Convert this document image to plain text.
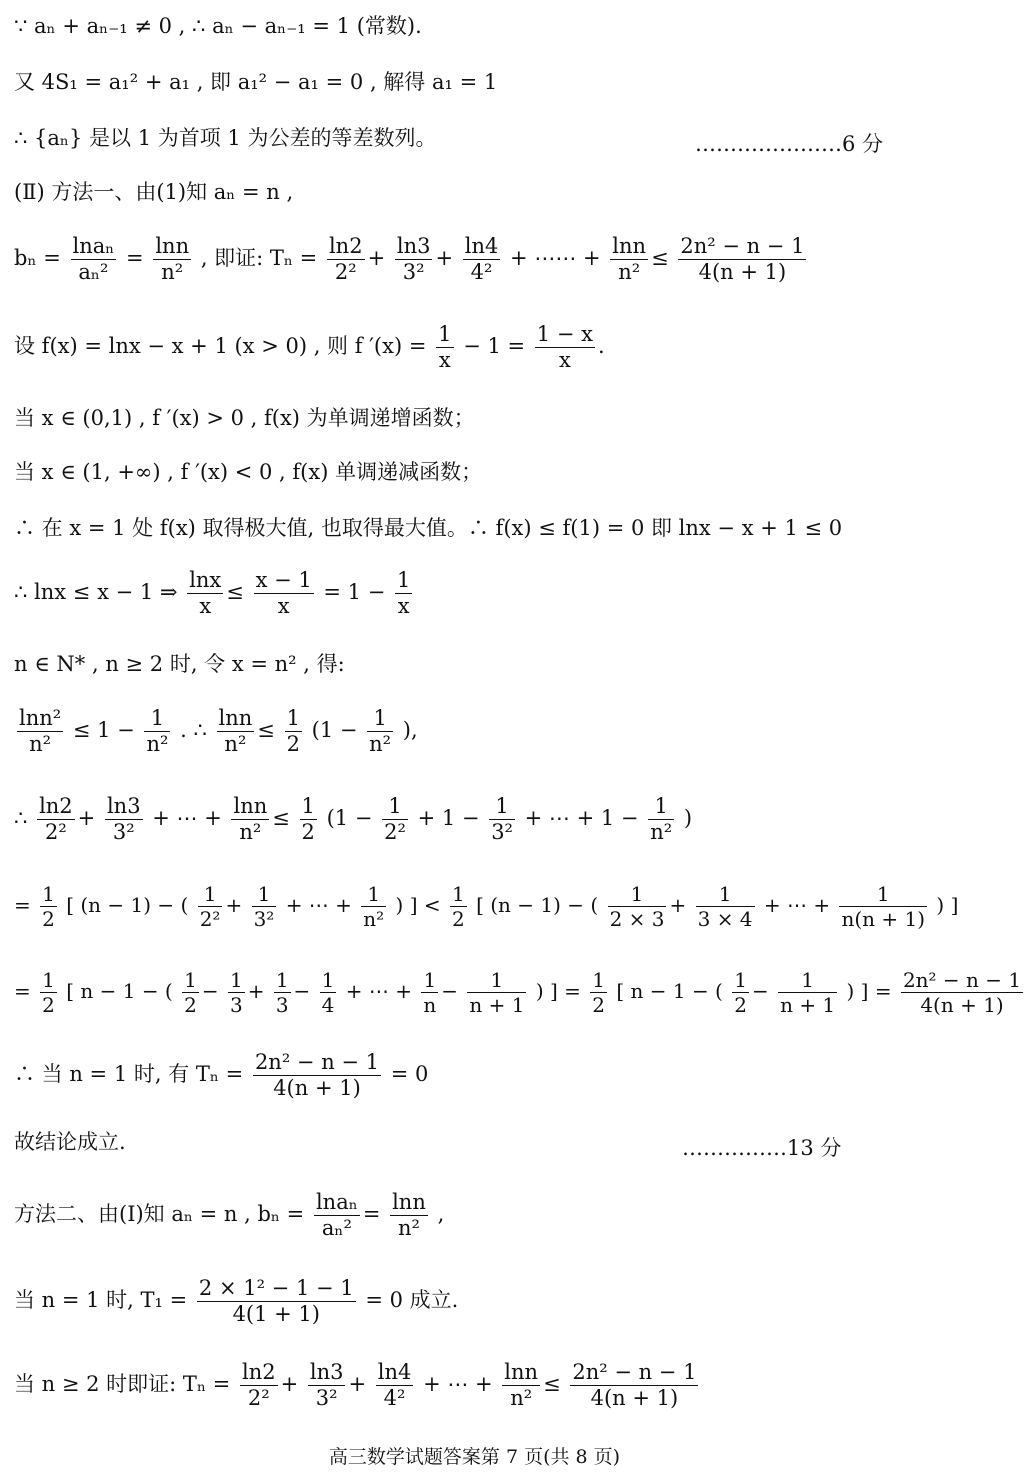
∵ aₙ + aₙ₋₁ ≠ 0 , ∴ aₙ − aₙ₋₁ = 1 (常数).
又 4S₁ = a₁² + a₁ , 即 a₁² − a₁ = 0 , 解得 a₁ = 1
∴ {aₙ} 是以 1 为首项 1 为公差的等差数列。	…………………6 分
(Ⅱ) 方法一、由(1)知 aₙ = n ,
$b_n = \frac{\text{lnaₙ}}{\text{aₙ²}} = \frac{\ln n}{\text{n²}}$ , 即证: $T_n = \frac{\ln 2}{\text{2²}} + \frac{\ln 3}{\text{3²}} + \frac{\ln 4}{\text{4²}}$ + ⋯⋯ + $\frac{\ln n}{\text{n²}} \le \frac{\text{2n² − n − 1}}{4(n + 1)}$
设 f(x) = lnx − x + 1 (x > 0) , 则 f $'(x) = \frac{1}{x} - 1 = \frac{1 - x}{x}$ .
当 x ∈ (0,1) , f ′(x) > 0 , f(x) 为单调递增函数；
当 x ∈ (1, +∞) , f ′(x) < 0 , f(x) 单调递减函数；
∴ 在 x = 1 处 f(x) 取得极大值, 也取得最大值。∴ f(x) ≤ f(1) = 0 即 lnx − x + 1 ≤ 0
∴ lnx ≤ x − 1 ⇒ $\frac{\ln x}{x} \le \frac{x - 1}{x} = 1 - \frac{1}{x}$
n ∈ N* , n ≥ 2 时, 令 x = n² , 得:
$\frac{\text{lnn²}}{\text{n²}} \le 1 - \frac{1}{\text{n²}}$ . ∴ $\frac{\ln n}{\text{n²}} \le \frac{1}{2} (1 - \frac{1}{\text{n²}}$ ),
∴ $\frac{\ln 2}{\text{2²}} + \frac{\ln 3}{\text{3²}}$ + ⋯ + $\frac{\ln n}{\text{n²}} \le \frac{1}{2} (1 - \frac{1}{\text{2²}} + 1 - \frac{1}{\text{3²}}$ + ⋯ + $1 - \frac{1}{\text{n²}}$ )
= $\frac{1}{2}$ [ (n − 1) − ( $\frac{1}{\text{2²}} + \frac{1}{\text{3²}}$ + ⋯ + $\frac{1}{\text{n²}}$ ) ] < $\frac{1}{2}$ [ (n − 1) − ( $\frac{1}{2 \times 3} + \frac{1}{3 \times 4}$ + ⋯ + $\frac{1}{n(n + 1)}$ ) ]
= $\frac{1}{2}$ [ n − 1 − ( $\frac{1}{2} - \frac{1}{3} + \frac{1}{3} - \frac{1}{4}$ + ⋯ + $\frac{1}{n} - \frac{1}{n + 1}$ ) ] = $\frac{1}{2}$ [ n − 1 − ( $\frac{1}{2} - \frac{1}{n + 1}$ ) ] = $\frac{\text{2n² − n − 1}}{4(n + 1)}$
∴ 当 n = 1 时, 有 $T_n = \frac{\text{2n² − n − 1}}{4(n + 1)} = 0$
故结论成立.	……………13 分
方法二、由(Ⅰ)知 aₙ = n , $b_n = \frac{\text{lnaₙ}}{\text{aₙ²}} = \frac{\ln n}{\text{n²}}$ ,
当 n = 1 时, $T_1 = \frac{\text{2 × 1² − 1 − 1}}{4(1 + 1)} = 0$ 成立.
当 n ≥ 2 时即证: $T_n = \frac{\ln 2}{\text{2²}} + \frac{\ln 3}{\text{3²}} + \frac{\ln 4}{\text{4²}}$ + ⋯ + $\frac{\ln n}{\text{n²}} \le \frac{\text{2n² − n − 1}}{4(n + 1)}$
高三数学试题答案第 7 页(共 8 页)
